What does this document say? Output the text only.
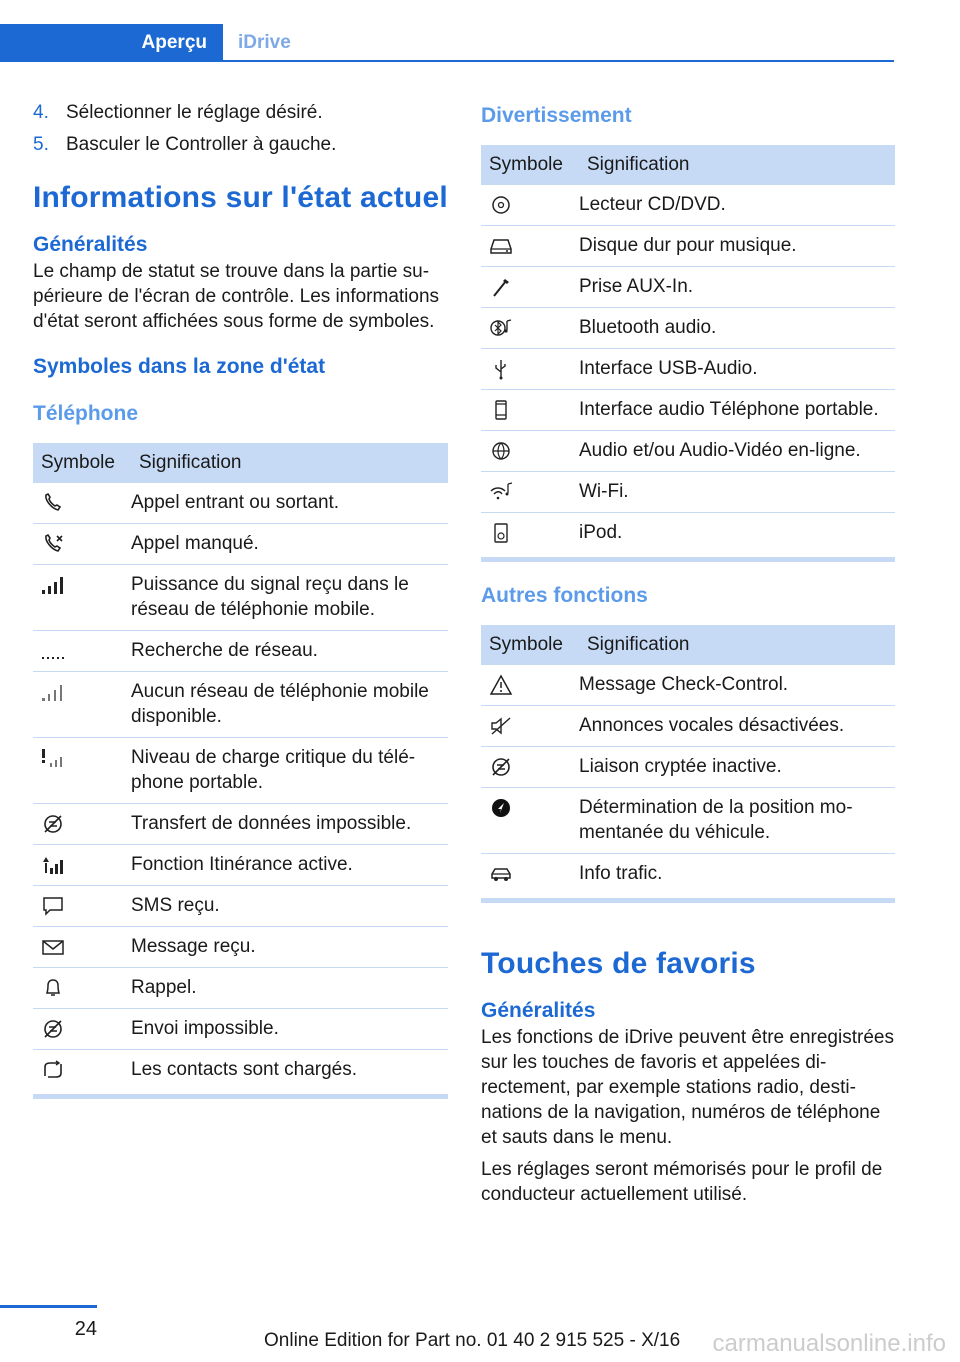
Aperçu	iDrive
4. Sélectionner le réglage désiré.
5. Basculer le Controller à gauche.
Informations sur l'état actuel
Généralités

Le champ de statut se trouve dans la partie supérieure de l'écran de contrôle. Les informations d'état seront affichées sous forme de symboles.

Symboles dans la zone d'état
Téléphone
Symbole	Signification

	Appel entrant ou sortant.

	Appel manqué.

	Puissance du signal reçu dans le réseau de téléphonie mobile.

	Recherche de réseau.

	Aucun réseau de téléphonie mobile disponible.

	Niveau de charge critique du téléphone portable.

	Transfert de données impossible.

	Fonction Itinérance active.

	SMS reçu.

	Message reçu.

	Rappel.

	Envoi impossible.

	Les contacts sont chargés.
Divertissement
Symbole	Signification

	Lecteur CD/DVD.

	Disque dur pour musique.

	Prise AUX-In.

	Bluetooth audio.

	Interface USB-Audio.

	Interface audio Téléphone portable.

	Audio et/ou Audio-Vidéo en-ligne.

	Wi-Fi.

	iPod.
Autres fonctions
Symbole	Signification

	Message Check-Control.

	Annonces vocales désactivées.

	Liaison cryptée inactive.

	Détermination de la position momentanée du véhicule.

	Info trafic.
Touches de favoris
Généralités

Les fonctions de iDrive peuvent être enregistrées sur les touches de favoris et appelées directement, par exemple stations radio, destinations de la navigation, numéros de téléphone et sauts dans le menu.

Les réglages seront mémorisés pour le profil de conducteur actuellement utilisé.

24
Online Edition for Part no. 01 40 2 915 525 - X/16 carmanualsonline.info
